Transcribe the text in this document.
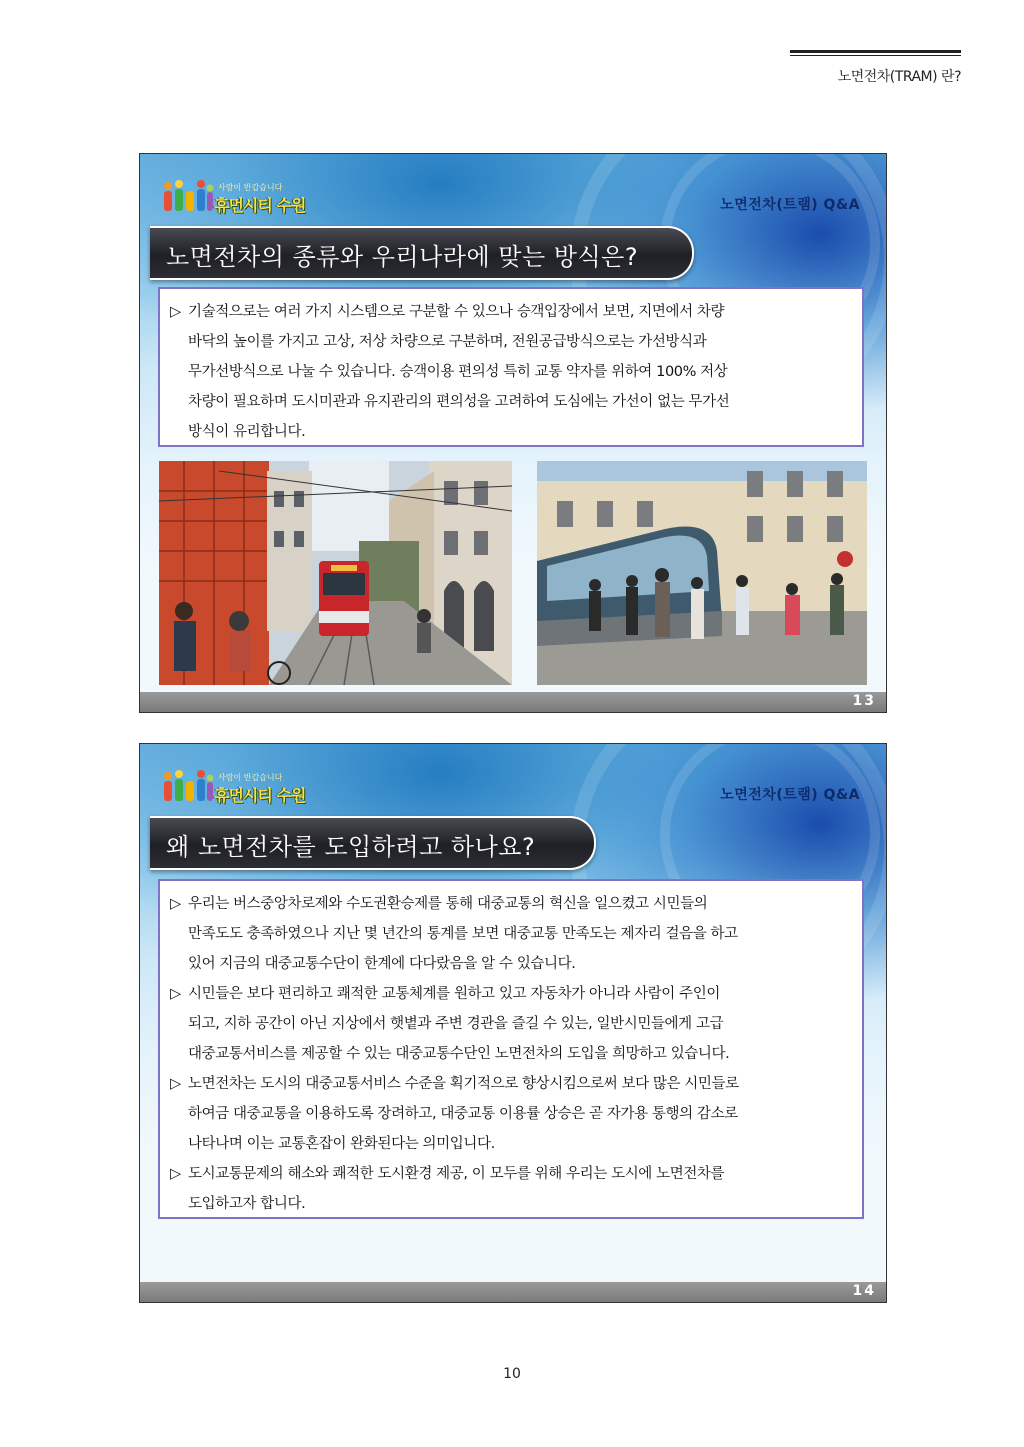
노면전차(TRAM) 란?
사람이 반갑습니다
휴먼시티 수원	노면전차(트램) Q&A
노면전차의 종류와 우리나라에 맞는 방식은?
▷ 기술적으로는 여러 가지 시스템으로 구분할 수 있으나 승객입장에서 보면, 지면에서 차량
바닥의 높이를 가지고 고상, 저상 차량으로 구분하며, 전원공급방식으로는 가선방식과
무가선방식으로 나눌 수 있습니다. 승객이용 편의성 특히 교통 약자를 위하여 100% 저상
차량이 필요하며 도시미관과 유지관리의 편의성을 고려하여 도심에는 가선이 없는 무가선
방식이 유리합니다.
13
사람이 반갑습니다
휴먼시티 수원	노면전차(트램) Q&A
왜 노면전차를 도입하려고 하나요?
▷ 우리는 버스중앙차로제와 수도권환승제를 통해 대중교통의 혁신을 일으켰고 시민들의
만족도도 충족하였으나 지난 몇 년간의 통계를 보면 대중교통 만족도는 제자리 걸음을 하고
있어 지금의 대중교통수단이 한계에 다다랐음을 알 수 있습니다.
▷ 시민들은 보다 편리하고 쾌적한 교통체계를 원하고 있고 자동차가 아니라 사람이 주인이
되고, 지하 공간이 아닌 지상에서 햇볕과 주변 경관을 즐길 수 있는, 일반시민들에게 고급
대중교통서비스를 제공할 수 있는 대중교통수단인 노면전차의 도입을 희망하고 있습니다.
▷ 노면전차는 도시의 대중교통서비스 수준을 획기적으로 향상시킴으로써 보다 많은 시민들로
하여금 대중교통을 이용하도록 장려하고, 대중교통 이용률 상승은 곧 자가용 통행의 감소로
나타나며 이는 교통혼잡이 완화된다는 의미입니다.
▷ 도시교통문제의 해소와 쾌적한 도시환경 제공, 이 모두를 위해 우리는 도시에 노면전차를
도입하고자 합니다.
14
10
